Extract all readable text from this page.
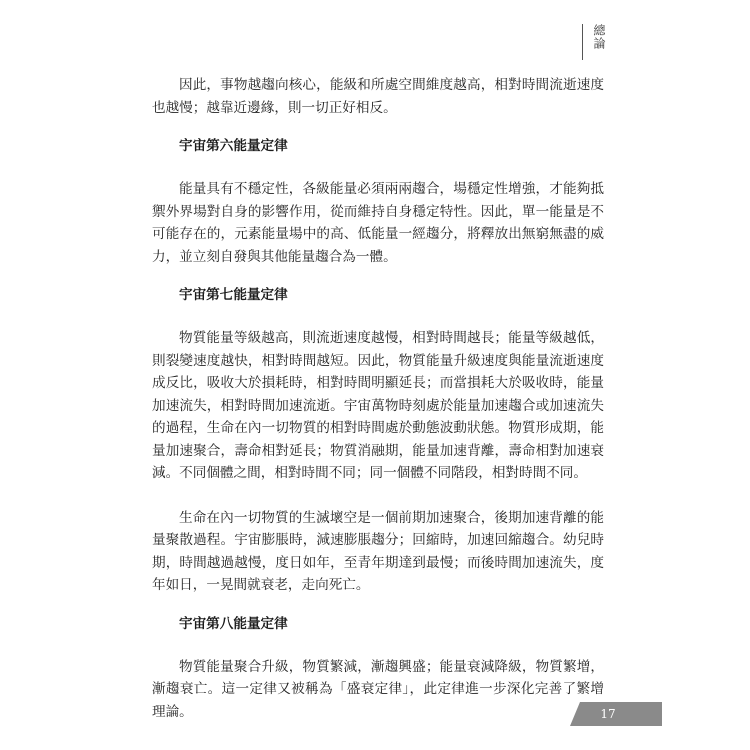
總論

因此，事物越趨向核心，能級和所處空間維度越高，相對時間流逝速度也越慢；越靠近邊緣，則一切正好相反。

宇宙第六能量定律

能量具有不穩定性，各級能量必須兩兩趨合，場穩定性增強，才能夠抵禦外界場對自身的影響作用，從而維持自身穩定特性。因此，單一能量是不可能存在的，元素能量場中的高、低能量一經趨分，將釋放出無窮無盡的威力，並立刻自發與其他能量趨合為一體。

宇宙第七能量定律

物質能量等級越高，則流逝速度越慢，相對時間越長；能量等級越低，則裂變速度越快，相對時間越短。因此，物質能量升級速度與能量流逝速度成反比，吸收大於損耗時，相對時間明顯延長；而當損耗大於吸收時，能量加速流失，相對時間加速流逝。宇宙萬物時刻處於能量加速趨合或加速流失的過程，生命在內一切物質的相對時間處於動態波動狀態。物質形成期，能量加速聚合，壽命相對延長；物質消融期，能量加速背離，壽命相對加速衰減。不同個體之間，相對時間不同；同一個體不同階段，相對時間不同。

生命在內一切物質的生滅壞空是一個前期加速聚合，後期加速背離的能量聚散過程。宇宙膨脹時，減速膨脹趨分；回縮時，加速回縮趨合。幼兒時期，時間越過越慢，度日如年，至青年期達到最慢；而後時間加速流失，度年如日，一晃間就衰老，走向死亡。

宇宙第八能量定律

物質能量聚合升級，物質繁減，漸趨興盛；能量衰減降級，物質繁增，漸趨衰亡。這一定律又被稱為「盛衰定律」，此定律進一步深化完善了繁增理論。	17
